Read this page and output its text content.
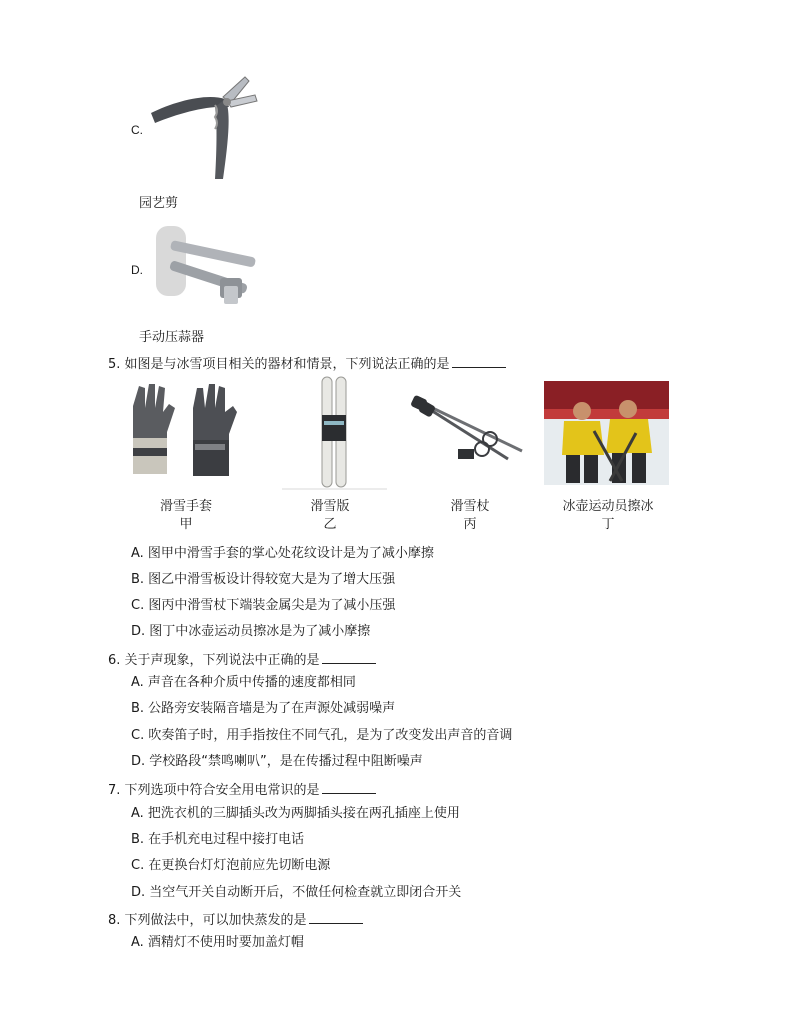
C.
园艺剪
D.
手动压蒜器
5. 如图是与冰雪项目相关的器材和情景，下列说法正确的是
滑雪手套
甲
滑雪版
乙
滑雪杖
丙
冰壶运动员擦冰
丁
A. 图甲中滑雪手套的掌心处花纹设计是为了减小摩擦
B. 图乙中滑雪板设计得较宽大是为了增大压强
C. 图丙中滑雪杖下端装金属尖是为了减小压强
D. 图丁中冰壶运动员擦冰是为了减小摩擦
6. 关于声现象，下列说法中正确的是
A. 声音在各种介质中传播的速度都相同
B. 公路旁安装隔音墙是为了在声源处减弱噪声
C. 吹奏笛子时，用手指按住不同气孔，是为了改变发出声音的音调
D. 学校路段“禁鸣喇叭”，是在传播过程中阻断噪声
7. 下列选项中符合安全用电常识的是
A. 把洗衣机的三脚插头改为两脚插头接在两孔插座上使用
B. 在手机充电过程中接打电话
C. 在更换台灯灯泡前应先切断电源
D. 当空气开关自动断开后，不做任何检查就立即闭合开关
8. 下列做法中，可以加快蒸发的是
A. 酒精灯不使用时要加盖灯帽
